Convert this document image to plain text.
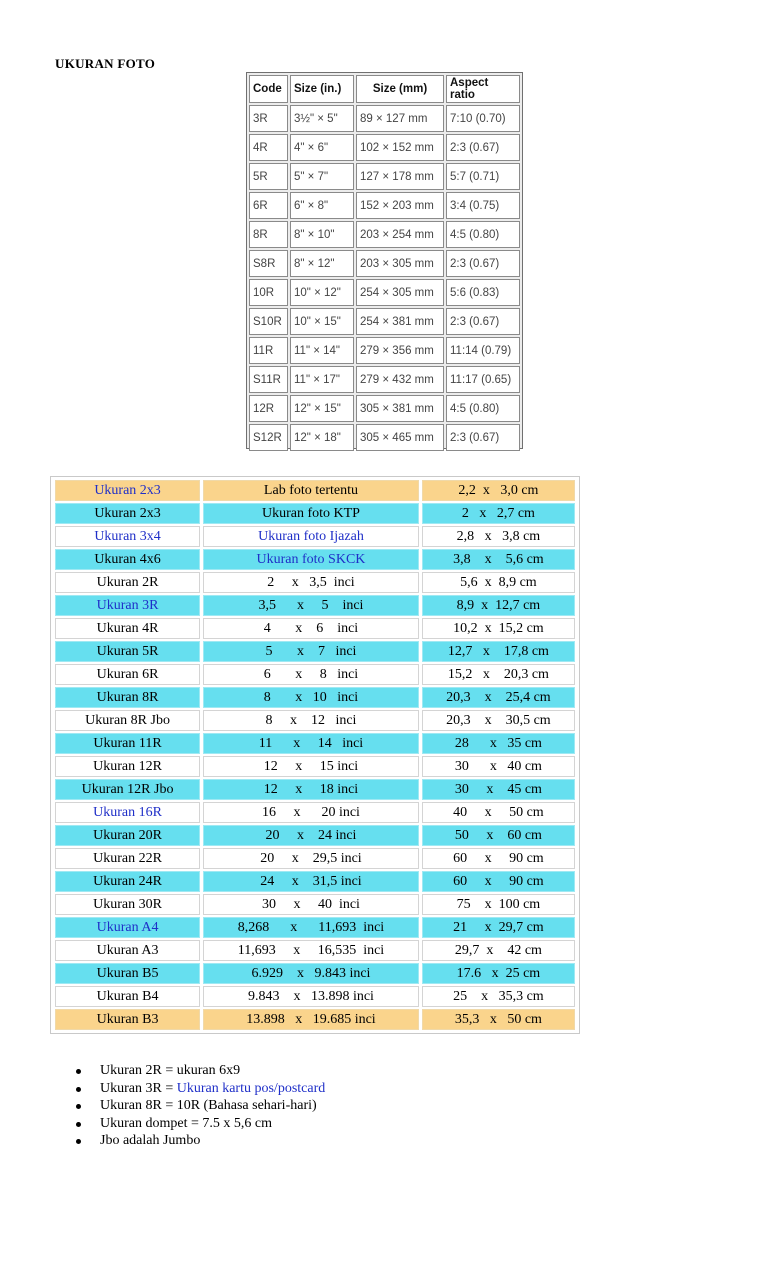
UKURAN FOTO
Code	Size (in.)	Size (mm)	Aspect ratio
3R	3½" × 5"	89 × 127 mm	7:10 (0.70)
4R	4" × 6"	102 × 152 mm	2:3 (0.67)
5R	5" × 7"	127 × 178 mm	5:7 (0.71)
6R	6" × 8"	152 × 203 mm	3:4 (0.75)
8R	8" × 10"	203 × 254 mm	4:5 (0.80)
S8R	8" × 12"	203 × 305 mm	2:3 (0.67)
10R	10" × 12"	254 × 305 mm	5:6 (0.83)
S10R	10" × 15"	254 × 381 mm	2:3 (0.67)
11R	11" × 14"	279 × 356 mm	11:14 (0.79)
S11R	11" × 17"	279 × 432 mm	11:17 (0.65)
12R	12" × 15"	305 × 381 mm	4:5 (0.80)
S12R	12" × 18"	305 × 465 mm	2:3 (0.67)
Ukuran 2x3	Lab foto tertentu	2,2  x   3,0 cm
Ukuran 2x3	Ukuran foto KTP	2   x   2,7 cm
Ukuran 3x4	Ukuran foto Ijazah	2,8   x   3,8 cm
Ukuran 4x6	Ukuran foto SKCK	3,8    x    5,6 cm
Ukuran 2R	2     x   3,5  inci	5,6  x  8,9 cm
Ukuran 3R	3,5      x     5    inci	8,9  x  12,7 cm
Ukuran 4R	4       x    6    inci	10,2  x  15,2 cm
Ukuran 5R	5       x    7   inci	12,7   x    17,8 cm
Ukuran 6R	6       x     8   inci	15,2   x    20,3 cm
Ukuran 8R	8       x   10   inci	20,3    x    25,4 cm
Ukuran 8R Jbo	8     x    12   inci	20,3    x    30,5 cm
Ukuran 11R	11      x     14   inci	28      x   35 cm
Ukuran 12R	12     x     15 inci	30      x   40 cm
Ukuran 12R Jbo	12     x     18 inci	30     x    45 cm
Ukuran 16R	16     x      20 inci	40     x     50 cm
Ukuran 20R	20     x    24 inci	50     x    60 cm
Ukuran 22R	20     x    29,5 inci	60     x     90 cm
Ukuran 24R	24     x    31,5 inci	60     x     90 cm
Ukuran 30R	30     x     40  inci	75    x  100 cm
Ukuran A4	8,268      x      11,693  inci	21     x  29,7 cm
Ukuran A3	11,693     x     16,535  inci	29,7  x    42 cm
Ukuran B5	6.929    x   9.843 inci	17.6   x  25 cm
Ukuran B4	9.843    x   13.898 inci	25    x   35,3 cm
Ukuran B3	13.898   x   19.685 inci	35,3   x   50 cm
Ukuran 2R = ukuran 6x9
Ukuran 3R = Ukuran kartu pos/postcard
Ukuran 8R = 10R (Bahasa sehari-hari)
Ukuran dompet = 7.5 x 5,6 cm
Jbo adalah Jumbo
